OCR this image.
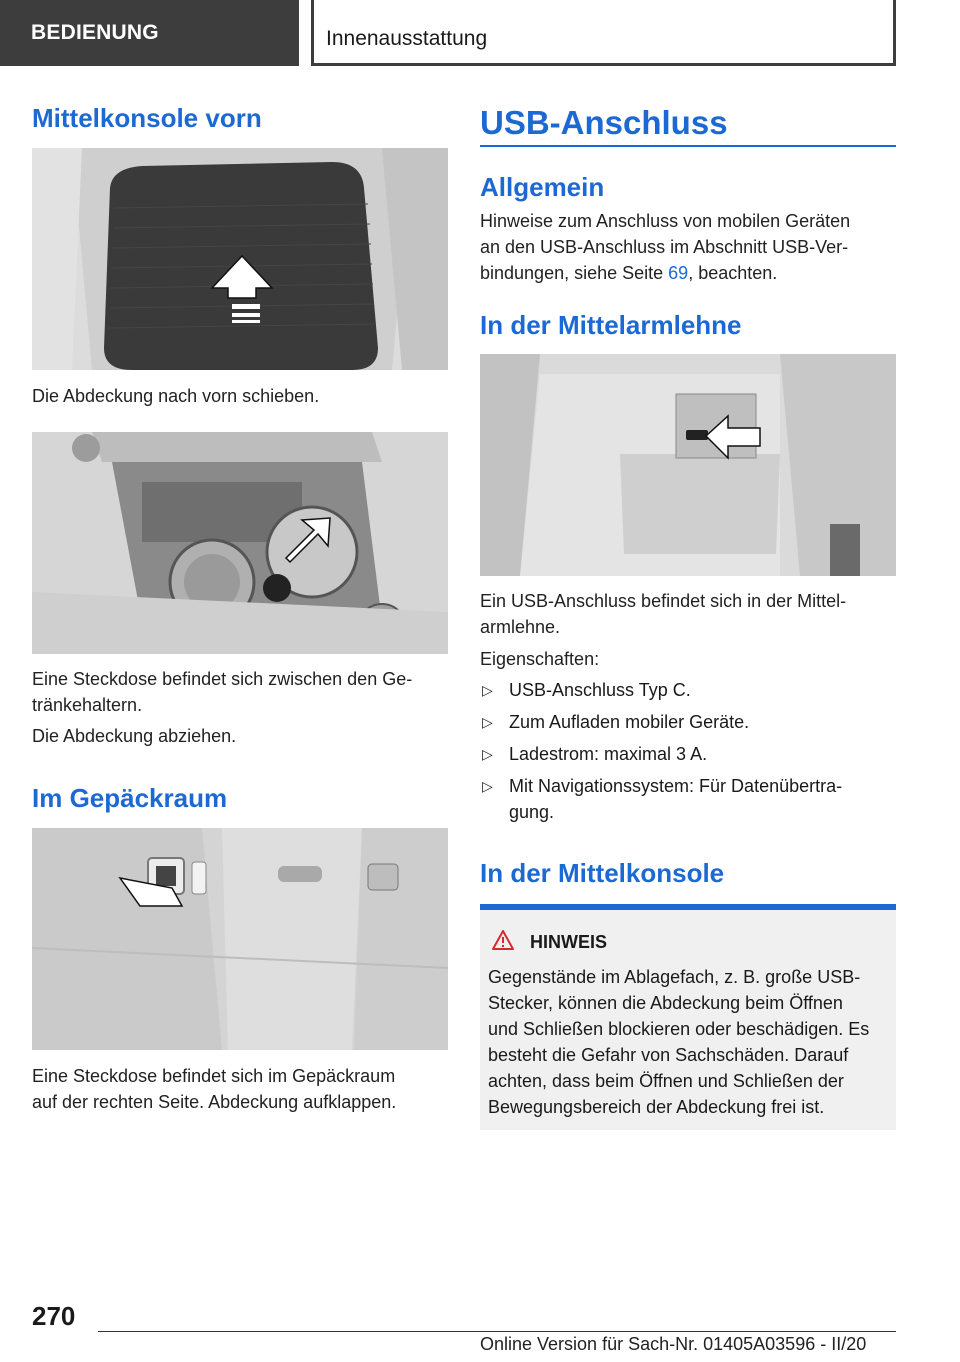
BEDIENUNG	Innenausstattung
Mittelkonsole vorn

Die Abdeckung nach vorn schieben.

Eine Steckdose befindet sich zwischen den Ge-
tränkehaltern.

Die Abdeckung abziehen.

Im Gepäckraum

Eine Steckdose befindet sich im Gepäckraum
auf der rechten Seite. Abdeckung aufklappen.

USB-Anschluss
Allgemein

Hinweise zum Anschluss von mobilen Geräten
an den USB-Anschluss im Abschnitt USB-Ver-
bindungen, siehe Seite 69, beachten.

In der Mittelarmlehne

Ein USB-Anschluss befindet sich in der Mittel-
armlehne.

Eigenschaften:

▷ USB-Anschluss Typ C.
▷ Zum Aufladen mobiler Geräte.
▷ Ladestrom: maximal 3 A.
▷ Mit Navigationssystem: Für Datenübertra-
gung.
In der Mittelkonsole
HINWEIS
Gegenstände im Ablagefach, z. B. große USB-
Stecker, können die Abdeckung beim Öffnen
und Schließen blockieren oder beschädigen. Es
besteht die Gefahr von Sachschäden. Darauf
achten, dass beim Öffnen und Schließen der
Bewegungsbereich der Abdeckung frei ist.
270
Online Version für Sach-Nr. 01405A03596 - II/20
